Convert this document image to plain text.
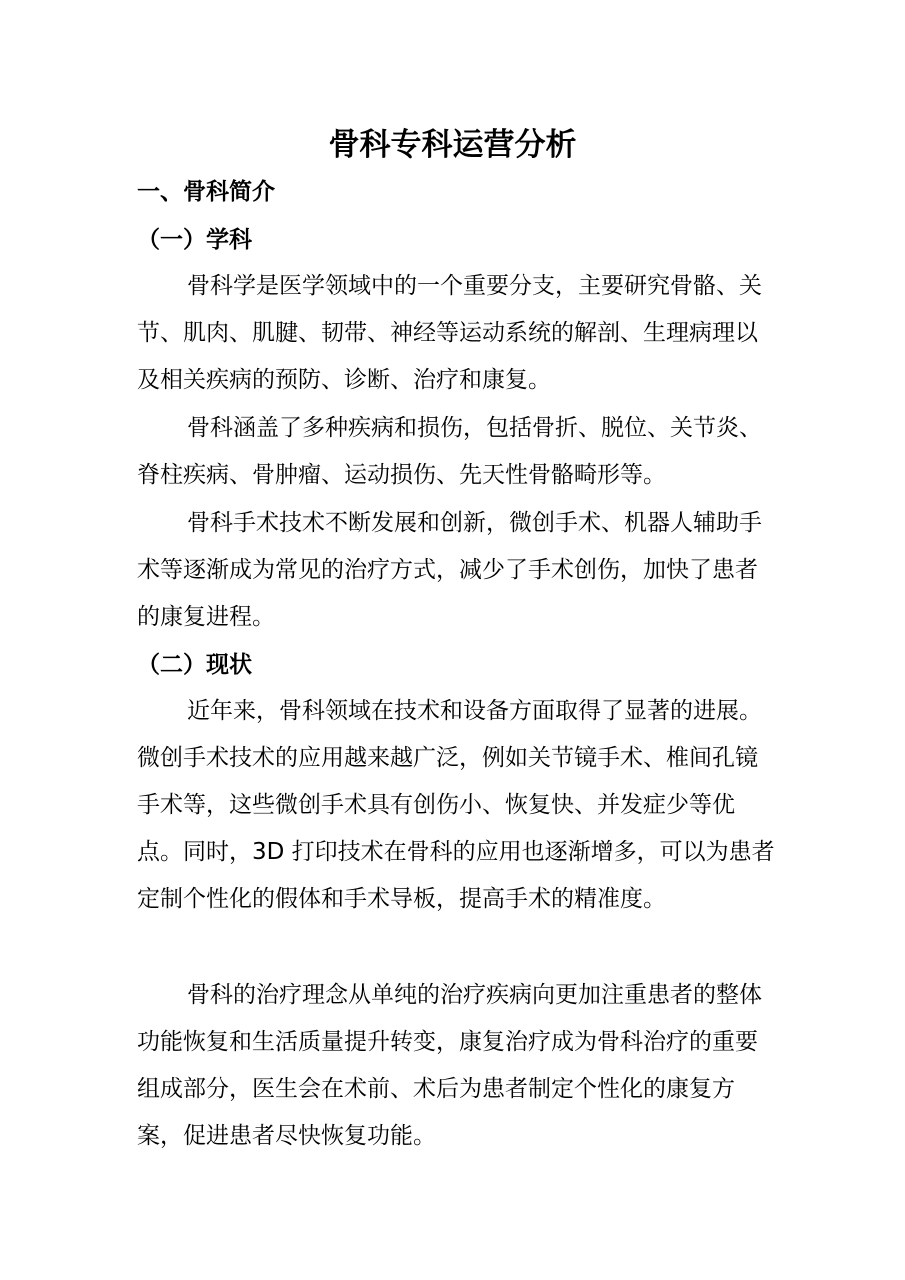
骨科专科运营分析
一、骨科简介
（一）学科

骨科学是医学领域中的一个重要分支，主要研究骨骼、关节、肌肉、肌腱、韧带、神经等运动系统的解剖、生理病理以及相关疾病的预防、诊断、治疗和康复。

骨科涵盖了多种疾病和损伤，包括骨折、脱位、关节炎、脊柱疾病、骨肿瘤、运动损伤、先天性骨骼畸形等。

骨科手术技术不断发展和创新，微创手术、机器人辅助手术等逐渐成为常见的治疗方式，减少了手术创伤，加快了患者的康复进程。

（二）现状

近年来，骨科领域在技术和设备方面取得了显著的进展。微创手术技术的应用越来越广泛，例如关节镜手术、椎间孔镜手术等，这些微创手术具有创伤小、恢复快、并发症少等优点。同时，3D 打印技术在骨科的应用也逐渐增多，可以为患者定制个性化的假体和手术导板，提高手术的精准度。

骨科的治疗理念从单纯的治疗疾病向更加注重患者的整体功能恢复和生活质量提升转变，康复治疗成为骨科治疗的重要组成部分，医生会在术前、术后为患者制定个性化的康复方案，促进患者尽快恢复功能。
